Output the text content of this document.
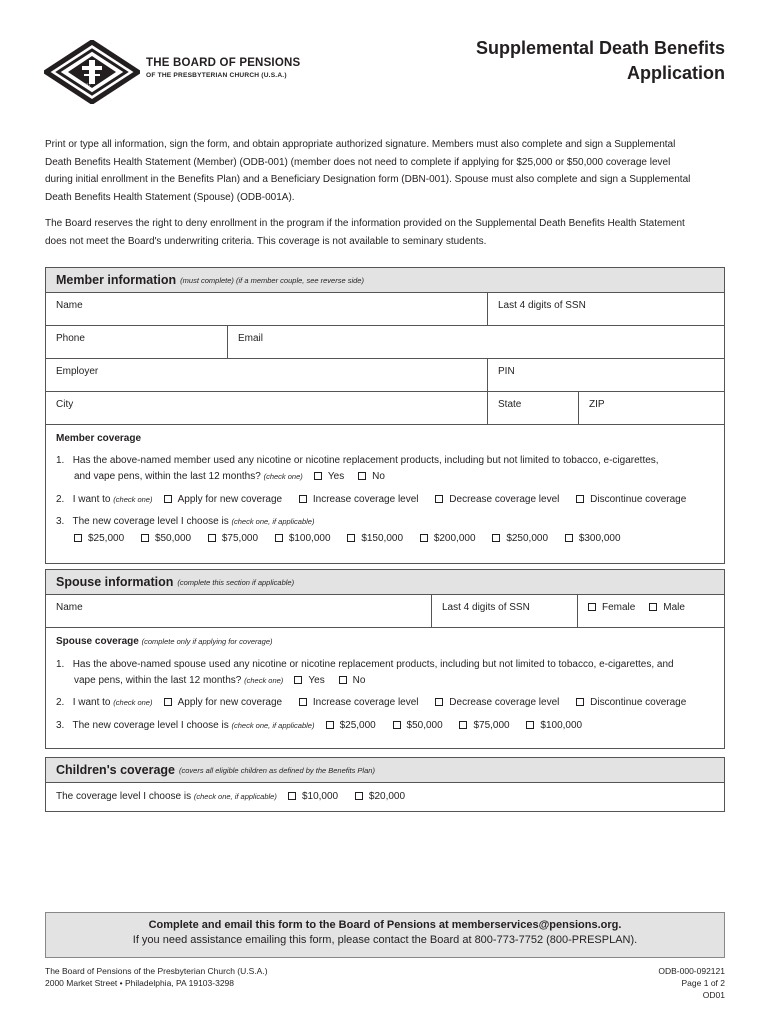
1717
THE BOARD OF PENSIONS
OF THE PRESBYTERIAN CHURCH (U.S.A.)
Supplemental Death Benefits
Application
Print or type all information, sign the form, and obtain appropriate authorized signature. Members must also complete and sign a Supplemental
Death Benefits Health Statement (Member) (ODB-001) (member does not need to complete if applying for $25,000 or $50,000 coverage level
during initial enrollment in the Benefits Plan) and a Beneficiary Designation form (DBN-001). Spouse must also complete and sign a Supplemental
Death Benefits Health Statement (Spouse) (ODB-001A).
The Board reserves the right to deny enrollment in the program if the information provided on the Supplemental Death Benefits Health Statement
does not meet the Board's underwriting criteria. This coverage is not available to seminary students.
Member information (must complete) (if a member couple, see reverse side)
Name	Last 4 digits of SSN
Phone	Email
Employer	PIN
City	State	ZIP
Member coverage
1. Has the above-named member used any nicotine or nicotine replacement products, including but not limited to tobacco, e-cigarettes,
and vape pens, within the last 12 months? (check one)	Yes	No
2. I want to (check one)	Apply for new coverage	Increase coverage level	Decrease coverage level	Discontinue coverage
3. The new coverage level I choose is (check one, if applicable)
$25,000	$50,000	$75,000	$100,000	$150,000	$200,000	$250,000	$300,000
Spouse information (complete this section if applicable)
Name	Last 4 digits of SSN	Female	Male
Spouse coverage (complete only if applying for coverage)
1. Has the above-named spouse used any nicotine or nicotine replacement products, including but not limited to tobacco, e-cigarettes, and
vape pens, within the last 12 months? (check one)	Yes	No
2. I want to (check one)	Apply for new coverage	Increase coverage level	Decrease coverage level	Discontinue coverage
3. The new coverage level I choose is (check one, if applicable)	$25,000	$50,000	$75,000	$100,000
Children's coverage (covers all eligible children as defined by the Benefits Plan)
The coverage level I choose is (check one, if applicable)	$10,000	$20,000
Complete and email this form to the Board of Pensions at memberservices@pensions.org.
If you need assistance emailing this form, please contact the Board at 800-773-7752 (800-PRESPLAN).
The Board of Pensions of the Presbyterian Church (U.S.A.)
2000 Market Street • Philadelphia, PA 19103-3298
ODB-000-092121
Page 1 of 2
OD01
